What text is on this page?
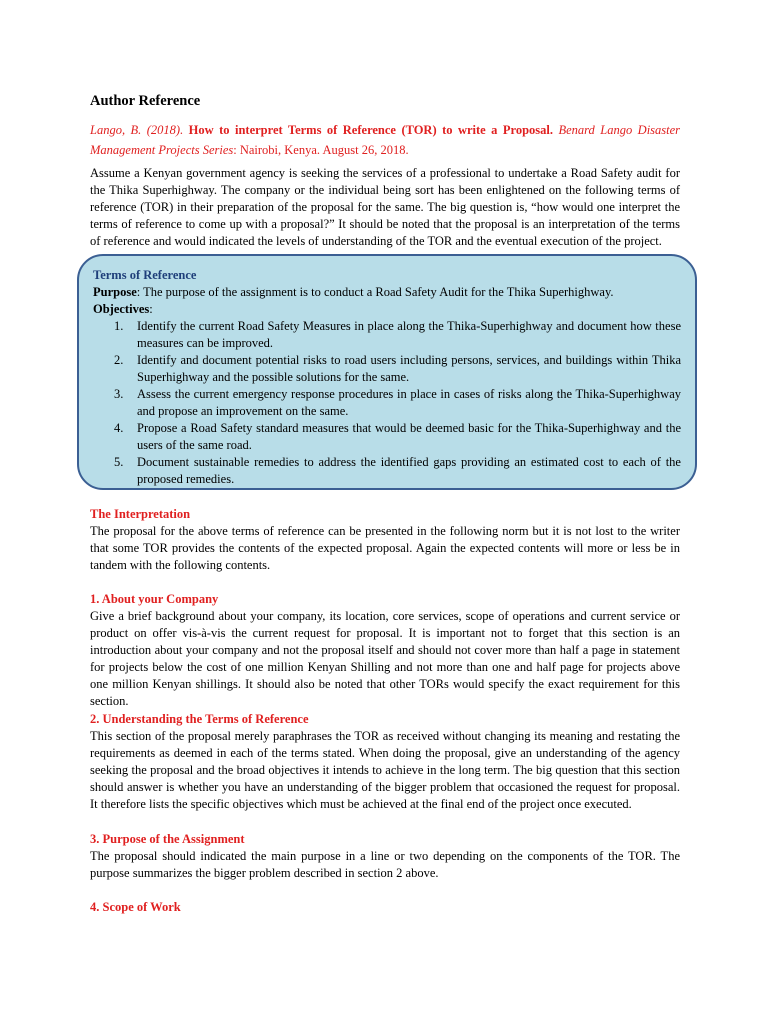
Author Reference

Lango, B. (2018). How to interpret Terms of Reference (TOR) to write a Proposal. Benard Lango Disaster Management Projects Series: Nairobi, Kenya. August 26, 2018.

Assume a Kenyan government agency is seeking the services of a professional to undertake a Road Safety audit for the Thika Superhighway. The company or the individual being sort has been enlightened on the following terms of reference (TOR) in their preparation of the proposal for the same. The big question is, “how would one interpret the terms of reference to come up with a proposal?” It should be noted that the proposal is an interpretation of the terms of reference and would indicated the levels of understanding of the TOR and the eventual execution of the project.

Terms of Reference

Purpose: The purpose of the assignment is to conduct a Road Safety Audit for the Thika Superhighway.

Objectives:

1. Identify the current Road Safety Measures in place along the Thika-Superhighway and document how these measures can be improved.
2. Identify and document potential risks to road users including persons, services, and buildings within Thika Superhighway and the possible solutions for the same.
3. Assess the current emergency response procedures in place in cases of risks along the Thika-Superhighway and propose an improvement on the same.
4. Propose a Road Safety standard measures that would be deemed basic for the Thika-Superhighway and the users of the same road.
5. Document sustainable remedies to address the identified gaps providing an estimated cost to each of the proposed remedies.

The Interpretation

The proposal for the above terms of reference can be presented in the following norm but it is not lost to the writer that some TOR provides the contents of the expected proposal. Again the expected contents will more or less be in tandem with the following contents.

1. About your Company

Give a brief background about your company, its location, core services, scope of operations and current service or product on offer vis-à-vis the current request for proposal. It is important not to forget that this section is an introduction about your company and not the proposal itself and should not cover more than half a page in statement for projects below the cost of one million Kenyan Shilling and not more than one and half page for projects above one million Kenyan shillings. It should also be noted that other TORs would specify the exact requirement for this section.

2. Understanding the Terms of Reference

This section of the proposal merely paraphrases the TOR as received without changing its meaning and restating the requirements as deemed in each of the terms stated. When doing the proposal, give an understanding of the agency seeking the proposal and the broad objectives it intends to achieve in the long term. The big question that this section should answer is whether you have an understanding of the bigger problem that occasioned the request for proposal. It therefore lists the specific objectives which must be achieved at the final end of the project once executed.

3. Purpose of the Assignment

The proposal should indicated the main purpose in a line or two depending on the components of the TOR. The purpose summarizes the bigger problem described in section 2 above.

4. Scope of Work
